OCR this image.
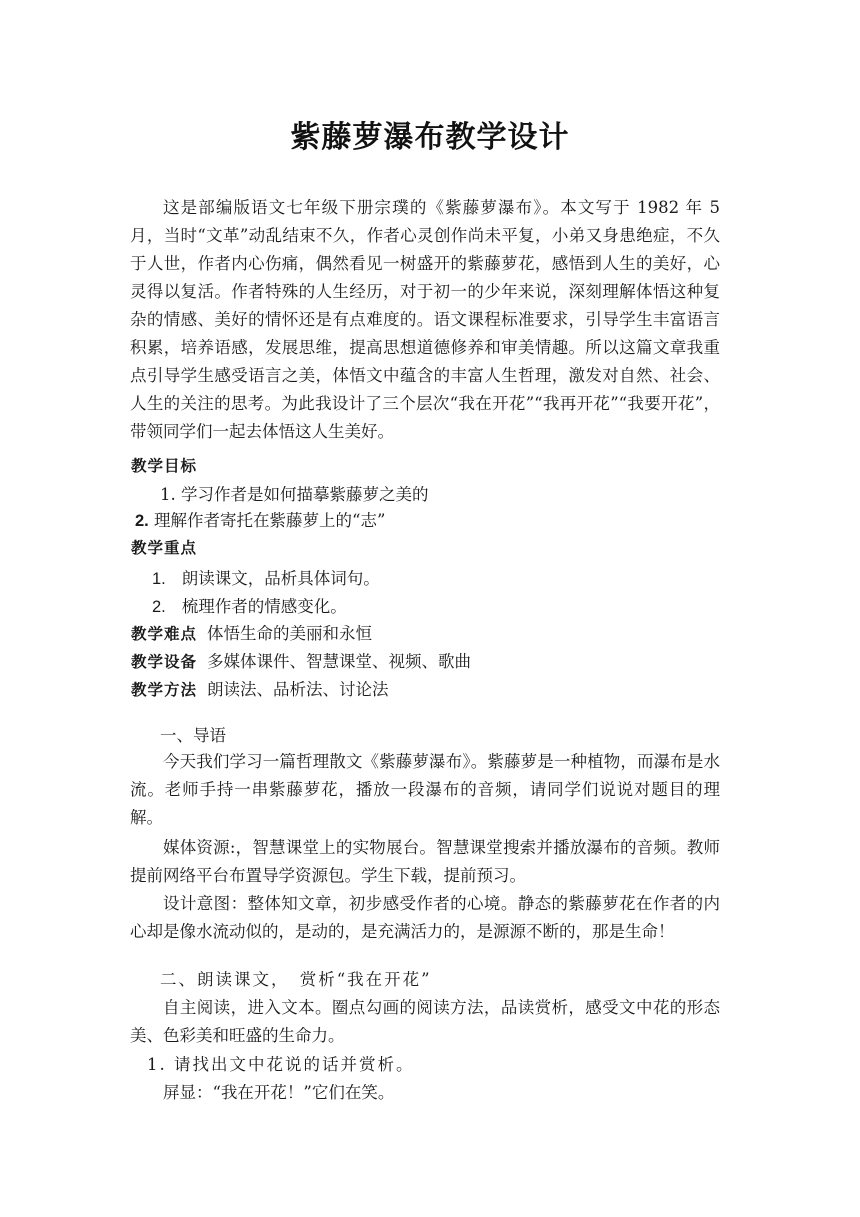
紫藤萝瀑布教学设计
这是部编版语文七年级下册宗璞的《紫藤萝瀑布》。本文写于 1982 年 5 月，当时“文革”动乱结束不久，作者心灵创作尚未平复，小弟又身患绝症，不久于人世，作者内心伤痛，偶然看见一树盛开的紫藤萝花，感悟到人生的美好，心灵得以复活。作者特殊的人生经历，对于初一的少年来说，深刻理解体悟这种复杂的情感、美好的情怀还是有点难度的。语文课程标准要求，引导学生丰富语言积累，培养语感，发展思维，提高思想道德修养和审美情趣。所以这篇文章我重点引导学生感受语言之美，体悟文中蕴含的丰富人生哲理，激发对自然、社会、人生的关注的思考。为此我设计了三个层次“我在开花”“我再开花”“我要开花”，带领同学们一起去体悟这人生美好。
教学目标
1. 学习作者是如何描摹紫藤萝之美的
2. 理解作者寄托在紫藤萝上的“志”
教学重点
1. 朗读课文，品析具体词句。
2. 梳理作者的情感变化。
教学难点 体悟生命的美丽和永恒
教学设备 多媒体课件、智慧课堂、视频、歌曲
教学方法 朗读法、品析法、讨论法
一、导语
今天我们学习一篇哲理散文《紫藤萝瀑布》。紫藤萝是一种植物，而瀑布是水流。老师手持一串紫藤萝花，播放一段瀑布的音频，请同学们说说对题目的理解。
媒体资源:，智慧课堂上的实物展台。智慧课堂搜索并播放瀑布的音频。教师提前网络平台布置导学资源包。学生下载，提前预习。
设计意图：整体知文章，初步感受作者的心境。静态的紫藤萝花在作者的内心却是像水流动似的，是动的，是充满活力的，是源源不断的，那是生命！
二、朗读课文，　赏析“我在开花”
自主阅读，进入文本。圈点勾画的阅读方法，品读赏析，感受文中花的形态美、色彩美和旺盛的生命力。
1. 请找出文中花说的话并赏析。
屏显：“我在开花！”它们在笑。
